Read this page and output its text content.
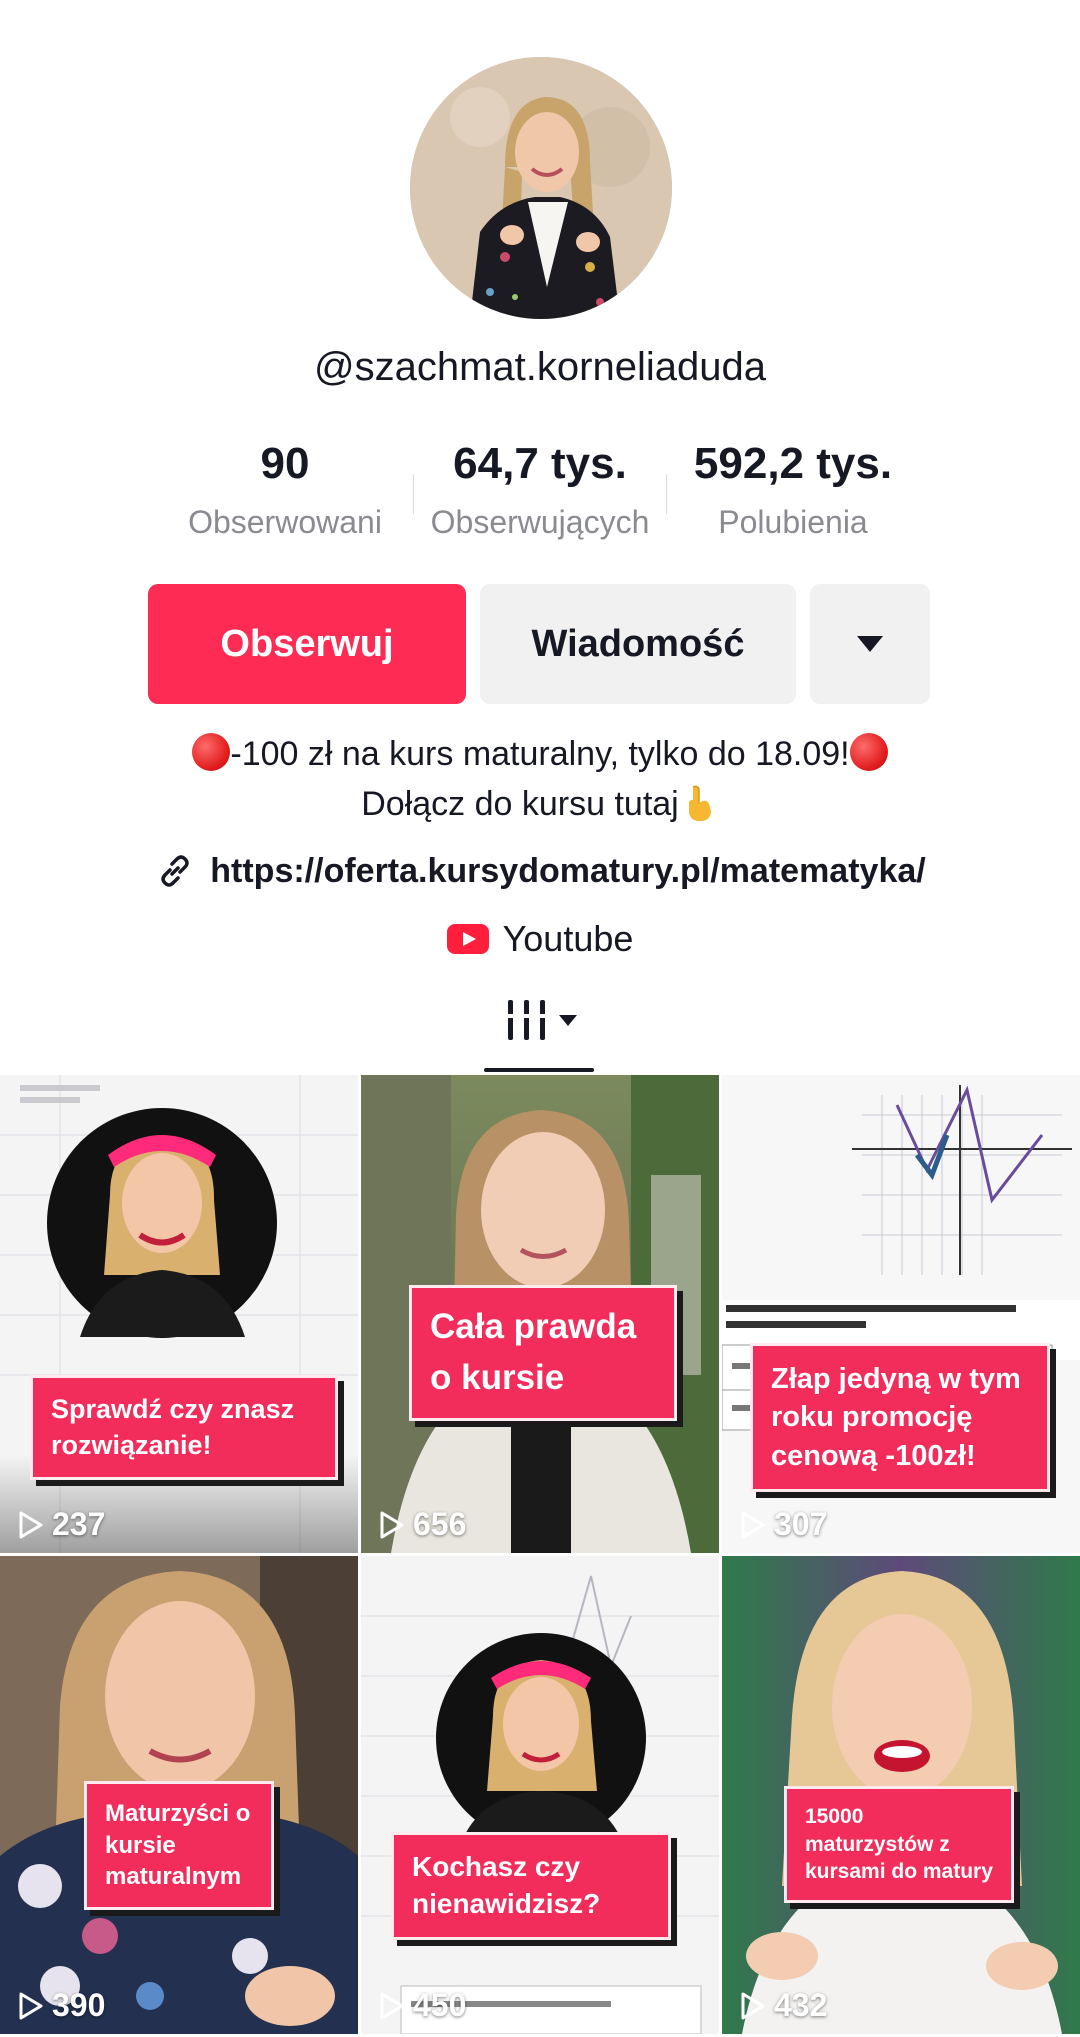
@szachmat.korneliaduda
90
Obserwowani
64,7 tys.
Obserwujących
592,2 tys.
Polubienia
Obserwuj	Wiadomość
-100 zł na kurs maturalny, tylko do 18.09!
Dołącz do kursu tutaj
https://oferta.kursydomatury.pl/matematyka/
Youtube
Sprawdź czy znasz rozwiązanie!
237
Cała prawda o kursie
656
Złap jedyną w tym roku promocję cenową -100zł!
307
Maturzyści o kursie maturalnym
390
Kochasz czy nienawidzisz?
450
15000 maturzystów z kursami do matury
432
